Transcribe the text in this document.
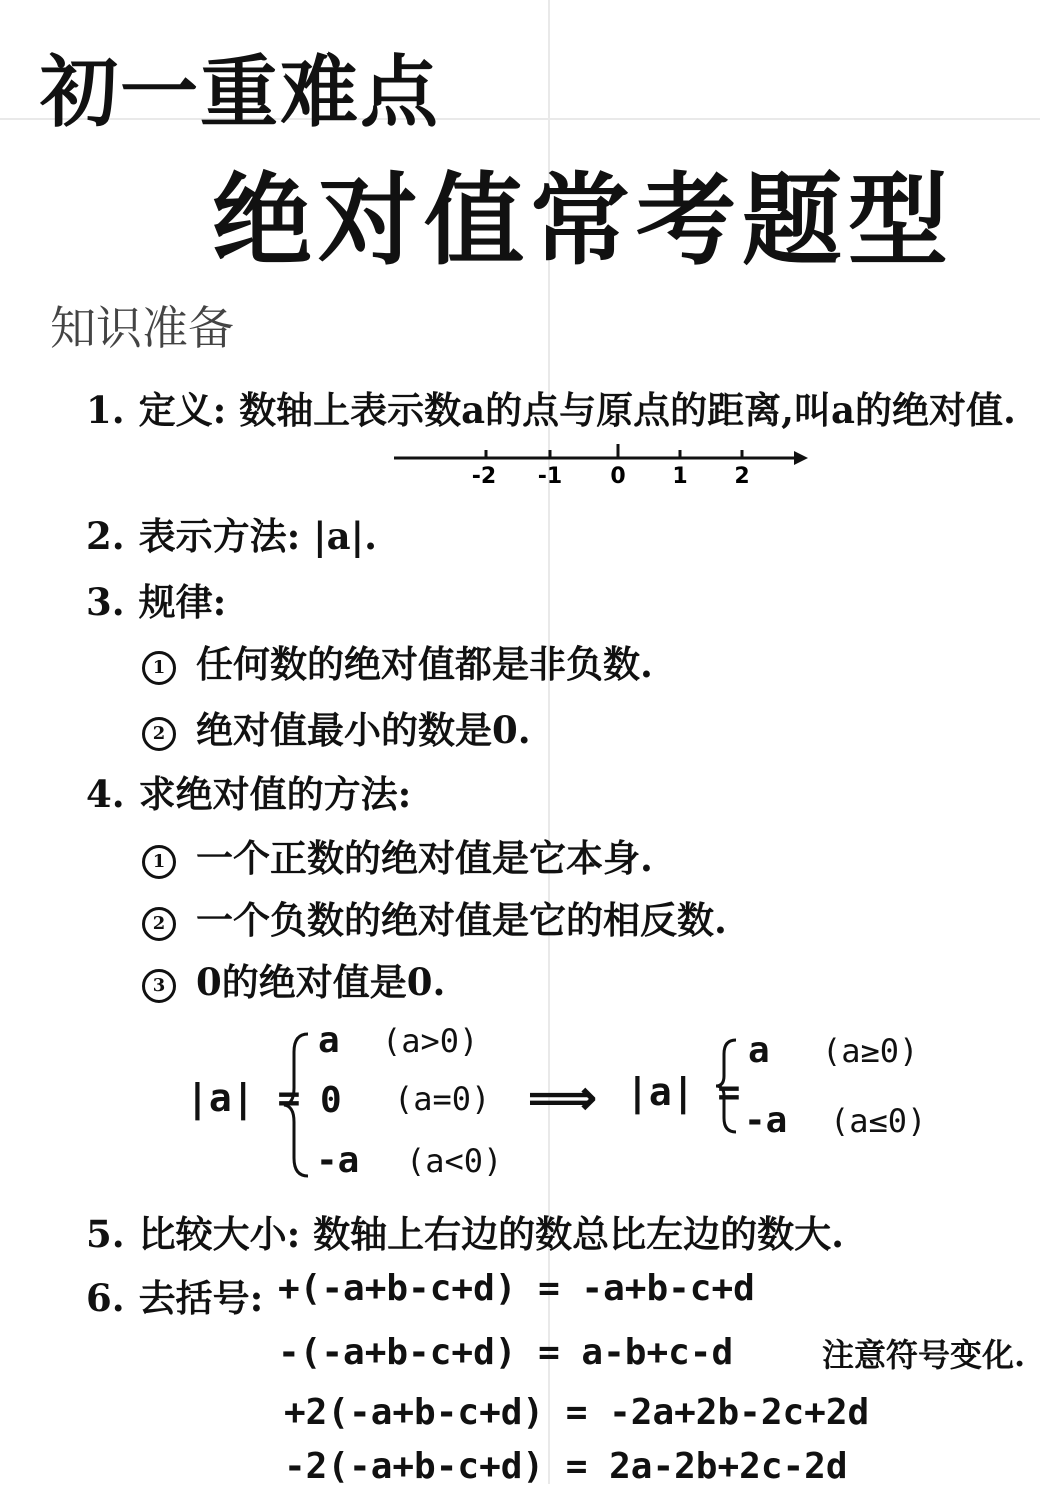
初一重难点
绝对值常考题型
知识准备
1. 定义: 数轴上表示数a的点与原点的距离,叫a的绝对值.
-2 -1 0 1 2
2. 表示方法: |a|.
3. 规律:
1 任何数的绝对值都是非负数.
2 绝对值最小的数是0.
4. 求绝对值的方法:
1 一个正数的绝对值是它本身.
2 一个负数的绝对值是它的相反数.
3 0的绝对值是0.
|a| =
a (a>0)
0 (a=0)
-a (a<0)
⟹ |a| =
a (a≥0)
-a (a≤0)
5. 比较大小: 数轴上右边的数总比左边的数大.
6. 去括号: +(-a+b-c+d) = -a+b-c+d
-(-a+b-c+d) = a-b+c-d
+2(-a+b-c+d) = -2a+2b-2c+2d
-2(-a+b-c+d) = 2a-2b+2c-2d
注意符号变化.
